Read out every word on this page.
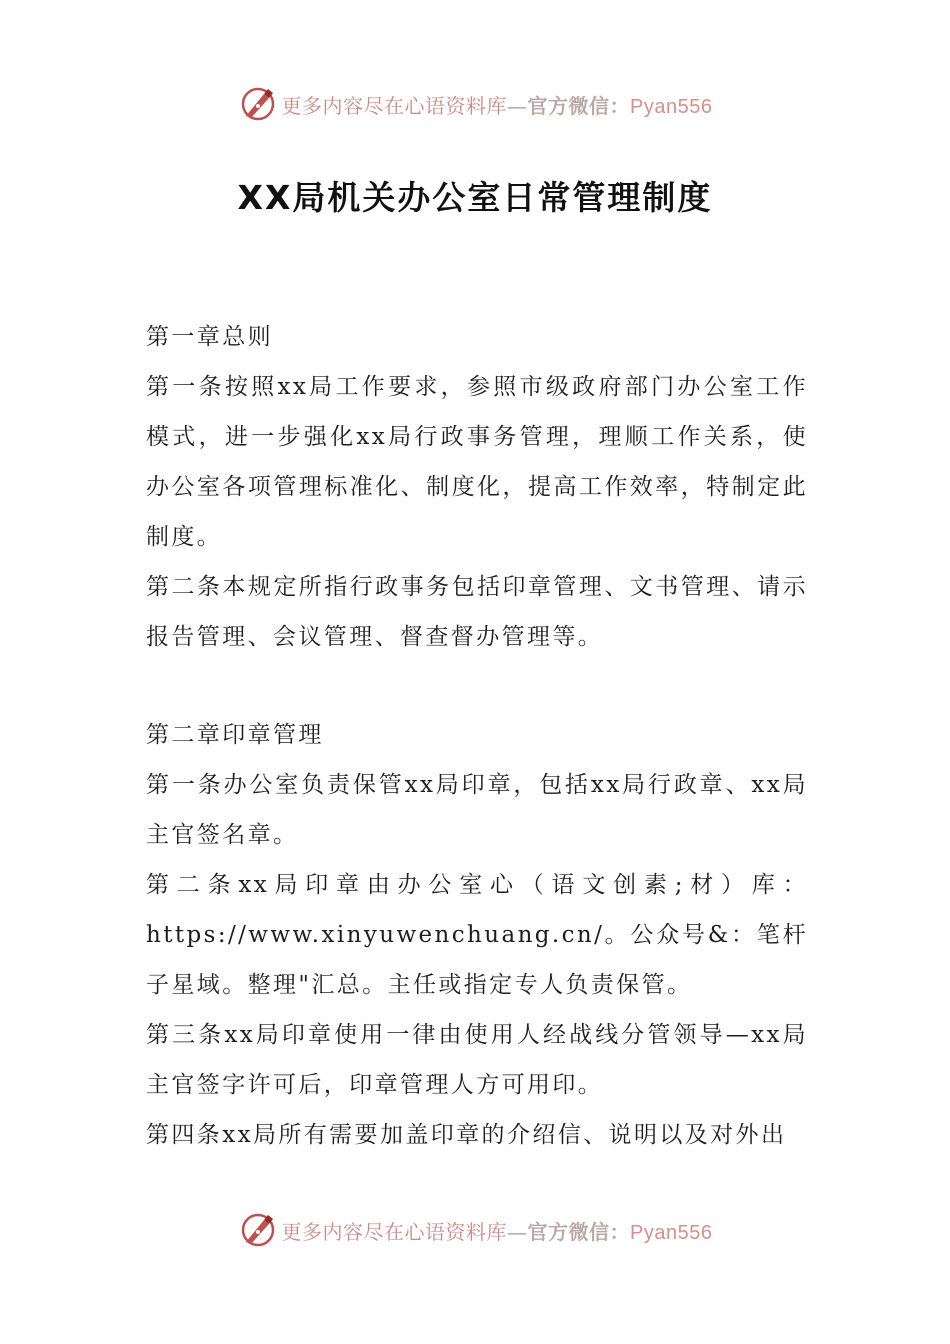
更多内容尽在心语资料库—官方微信：Pyan556
XX局机关办公室日常管理制度

第一章总则

第一条按照xx局工作要求，参照市级政府部门办公室工作模式，进一步强化xx局行政事务管理，理顺工作关系，使办公室各项管理标准化、制度化，提高工作效率，特制定此制度。

第二条本规定所指行政事务包括印章管理、文书管理、请示报告管理、会议管理、督查督办管理等。

第二章印章管理

第一条办公室负责保管xx局印章，包括xx局行政章、xx局主官签名章。

第二条xx局印章由办公室心（语文创素;材）库：https://www.xinyuwenchuang.cn/。公众号&：笔杆子星域。整理"汇总。主任或指定专人负责保管。

第三条xx局印章使用一律由使用人经战线分管领导—xx局主官签字许可后，印章管理人方可用印。

第四条xx局所有需要加盖印章的介绍信、说明以及对外出

更多内容尽在心语资料库—官方微信：Pyan556
